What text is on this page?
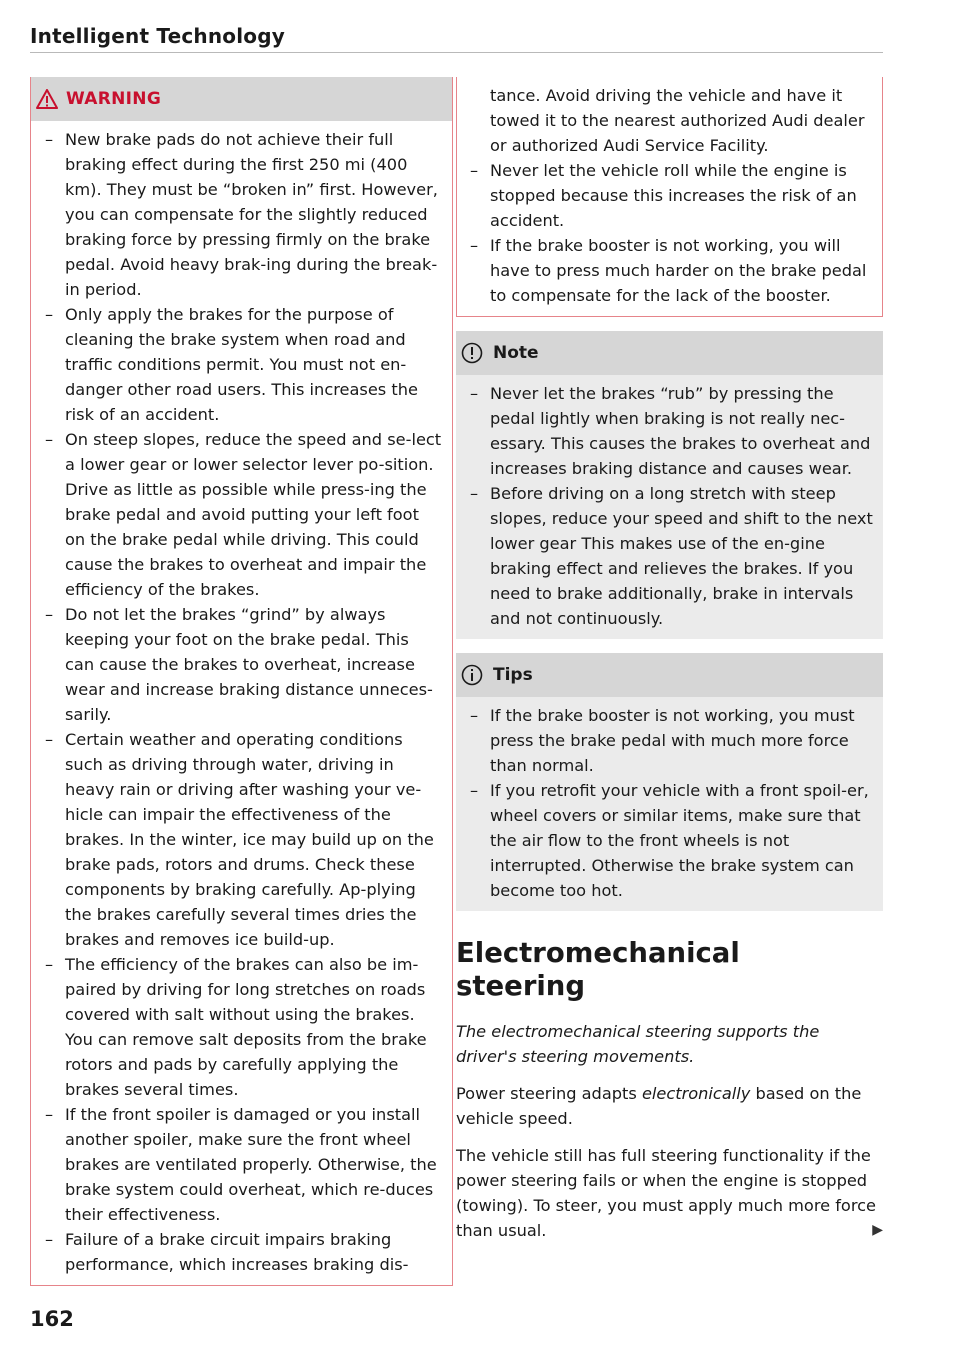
Intelligent Technology
WARNING
– New brake pads do not achieve their full braking effect during the first 250 mi (400 km). They must be “broken in” first. However, you can compensate for the slightly reduced braking force by pressing firmly on the brake pedal. Avoid heavy brak-ing during the break-in period.
– Only apply the brakes for the purpose of cleaning the brake system when road and traffic conditions permit. You must not en-danger other road users. This increases the risk of an accident.
– On steep slopes, reduce the speed and se-lect a lower gear or lower selector lever po-sition. Drive as little as possible while press-ing the brake pedal and avoid putting your left foot on the brake pedal while driving. This could cause the brakes to overheat and impair the efficiency of the brakes.
– Do not let the brakes “grind” by always keeping your foot on the brake pedal. This can cause the brakes to overheat, increase wear and increase braking distance unneces-sarily.
– Certain weather and operating conditions such as driving through water, driving in heavy rain or driving after washing your ve-hicle can impair the effectiveness of the brakes. In the winter, ice may build up on the brake pads, rotors and drums. Check these components by braking carefully. Ap-plying the brakes carefully several times dries the brakes and removes ice build-up.
– The efficiency of the brakes can also be im-paired by driving for long stretches on roads covered with salt without using the brakes. You can remove salt deposits from the brake rotors and pads by carefully applying the brakes several times.
– If the front spoiler is damaged or you install another spoiler, make sure the front wheel brakes are ventilated properly. Otherwise, the brake system could overheat, which re-duces their effectiveness.
– Failure of a brake circuit impairs braking performance, which increases braking dis-
162
tance. Avoid driving the vehicle and have it towed it to the nearest authorized Audi dealer or authorized Audi Service Facility.
– Never let the vehicle roll while the engine is stopped because this increases the risk of an accident.
– If the brake booster is not working, you will have to press much harder on the brake pedal to compensate for the lack of the booster.
Note
– Never let the brakes “rub” by pressing the pedal lightly when braking is not really nec-essary. This causes the brakes to overheat and increases braking distance and causes wear.
– Before driving on a long stretch with steep slopes, reduce your speed and shift to the next lower gear This makes use of the en-gine braking effect and relieves the brakes. If you need to brake additionally, brake in intervals and not continuously.
Tips
– If the brake booster is not working, you must press the brake pedal with much more force than normal.
– If you retrofit your vehicle with a front spoil-er, wheel covers or similar items, make sure that the air flow to the front wheels is not interrupted. Otherwise the brake system can become too hot.
Electromechanical
steering
The electromechanical steering supports the driver's steering movements.
Power steering adapts electronically based on the vehicle speed.
The vehicle still has full steering functionality if the power steering fails or when the engine is stopped (towing). To steer, you must apply much more force than usual.	▶
